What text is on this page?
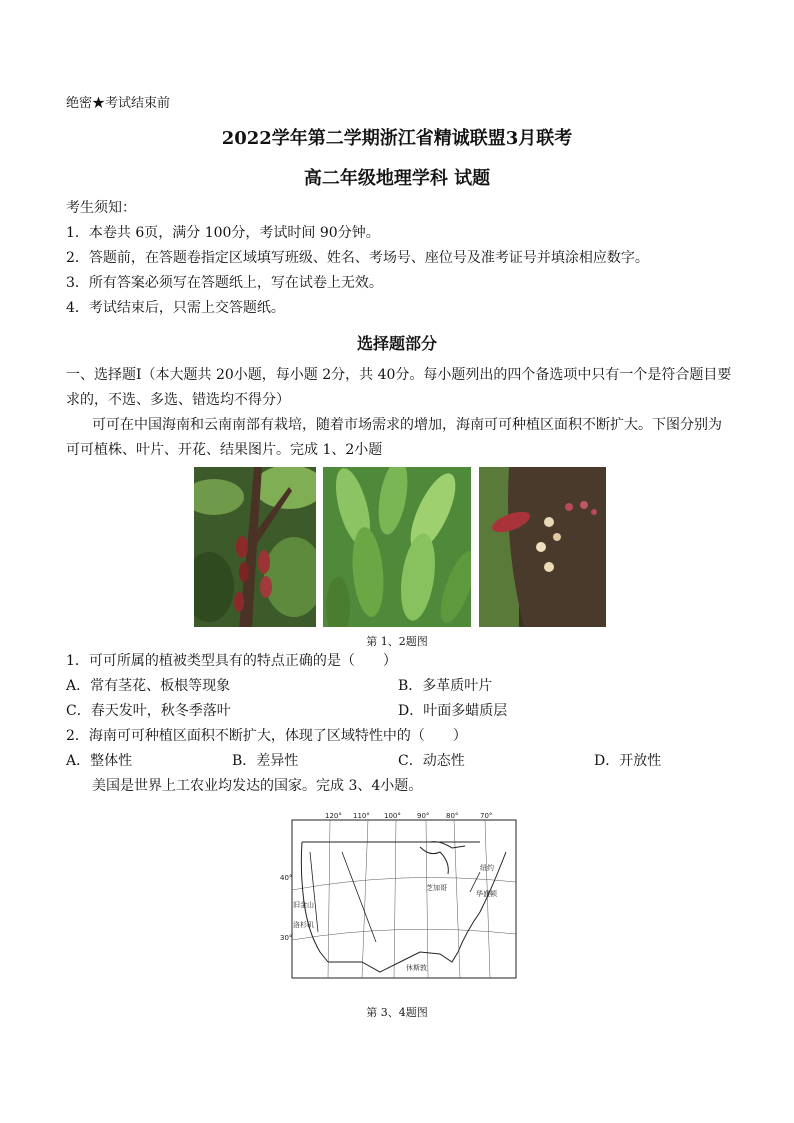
绝密★考试结束前
2022学年第二学期浙江省精诚联盟3月联考
高二年级地理学科 试题
考生须知：
1．本卷共 6页，满分 100分，考试时间 90分钟。
2．答题前，在答题卷指定区域填写班级、姓名、考场号、座位号及准考证号并填涂相应数字。
3．所有答案必须写在答题纸上，写在试卷上无效。
4．考试结束后，只需上交答题纸。
选择题部分
一、选择题Ⅰ（本大题共 20小题，每小题 2分，共 40分。每小题列出的四个备选项中只有一个是符合题目要
求的，不选、多选、错选均不得分）
可可在中国海南和云南南部有栽培，随着市场需求的增加，海南可可种植区面积不断扩大。下图分别为
可可植株、叶片、开花、结果图片。完成 1、2小题
第 1、2题图
1．可可所属的植被类型具有的特点正确的是（　　）
A．常有茎花、板根等现象	B．多革质叶片
C．春天发叶，秋冬季落叶	D．叶面多蜡质层
2．海南可可种植区面积不断扩大，体现了区域特性中的（　　）
A．整体性	B．差异性	C．动态性	D．开放性
美国是世界上工农业均发达的国家。完成 3、4小题。
120° 110° 100° 90° 80°	70°
40°
30°
旧金山
洛杉矶
芝加哥
纽约
华盛顿
休斯敦
第 3、4题图
